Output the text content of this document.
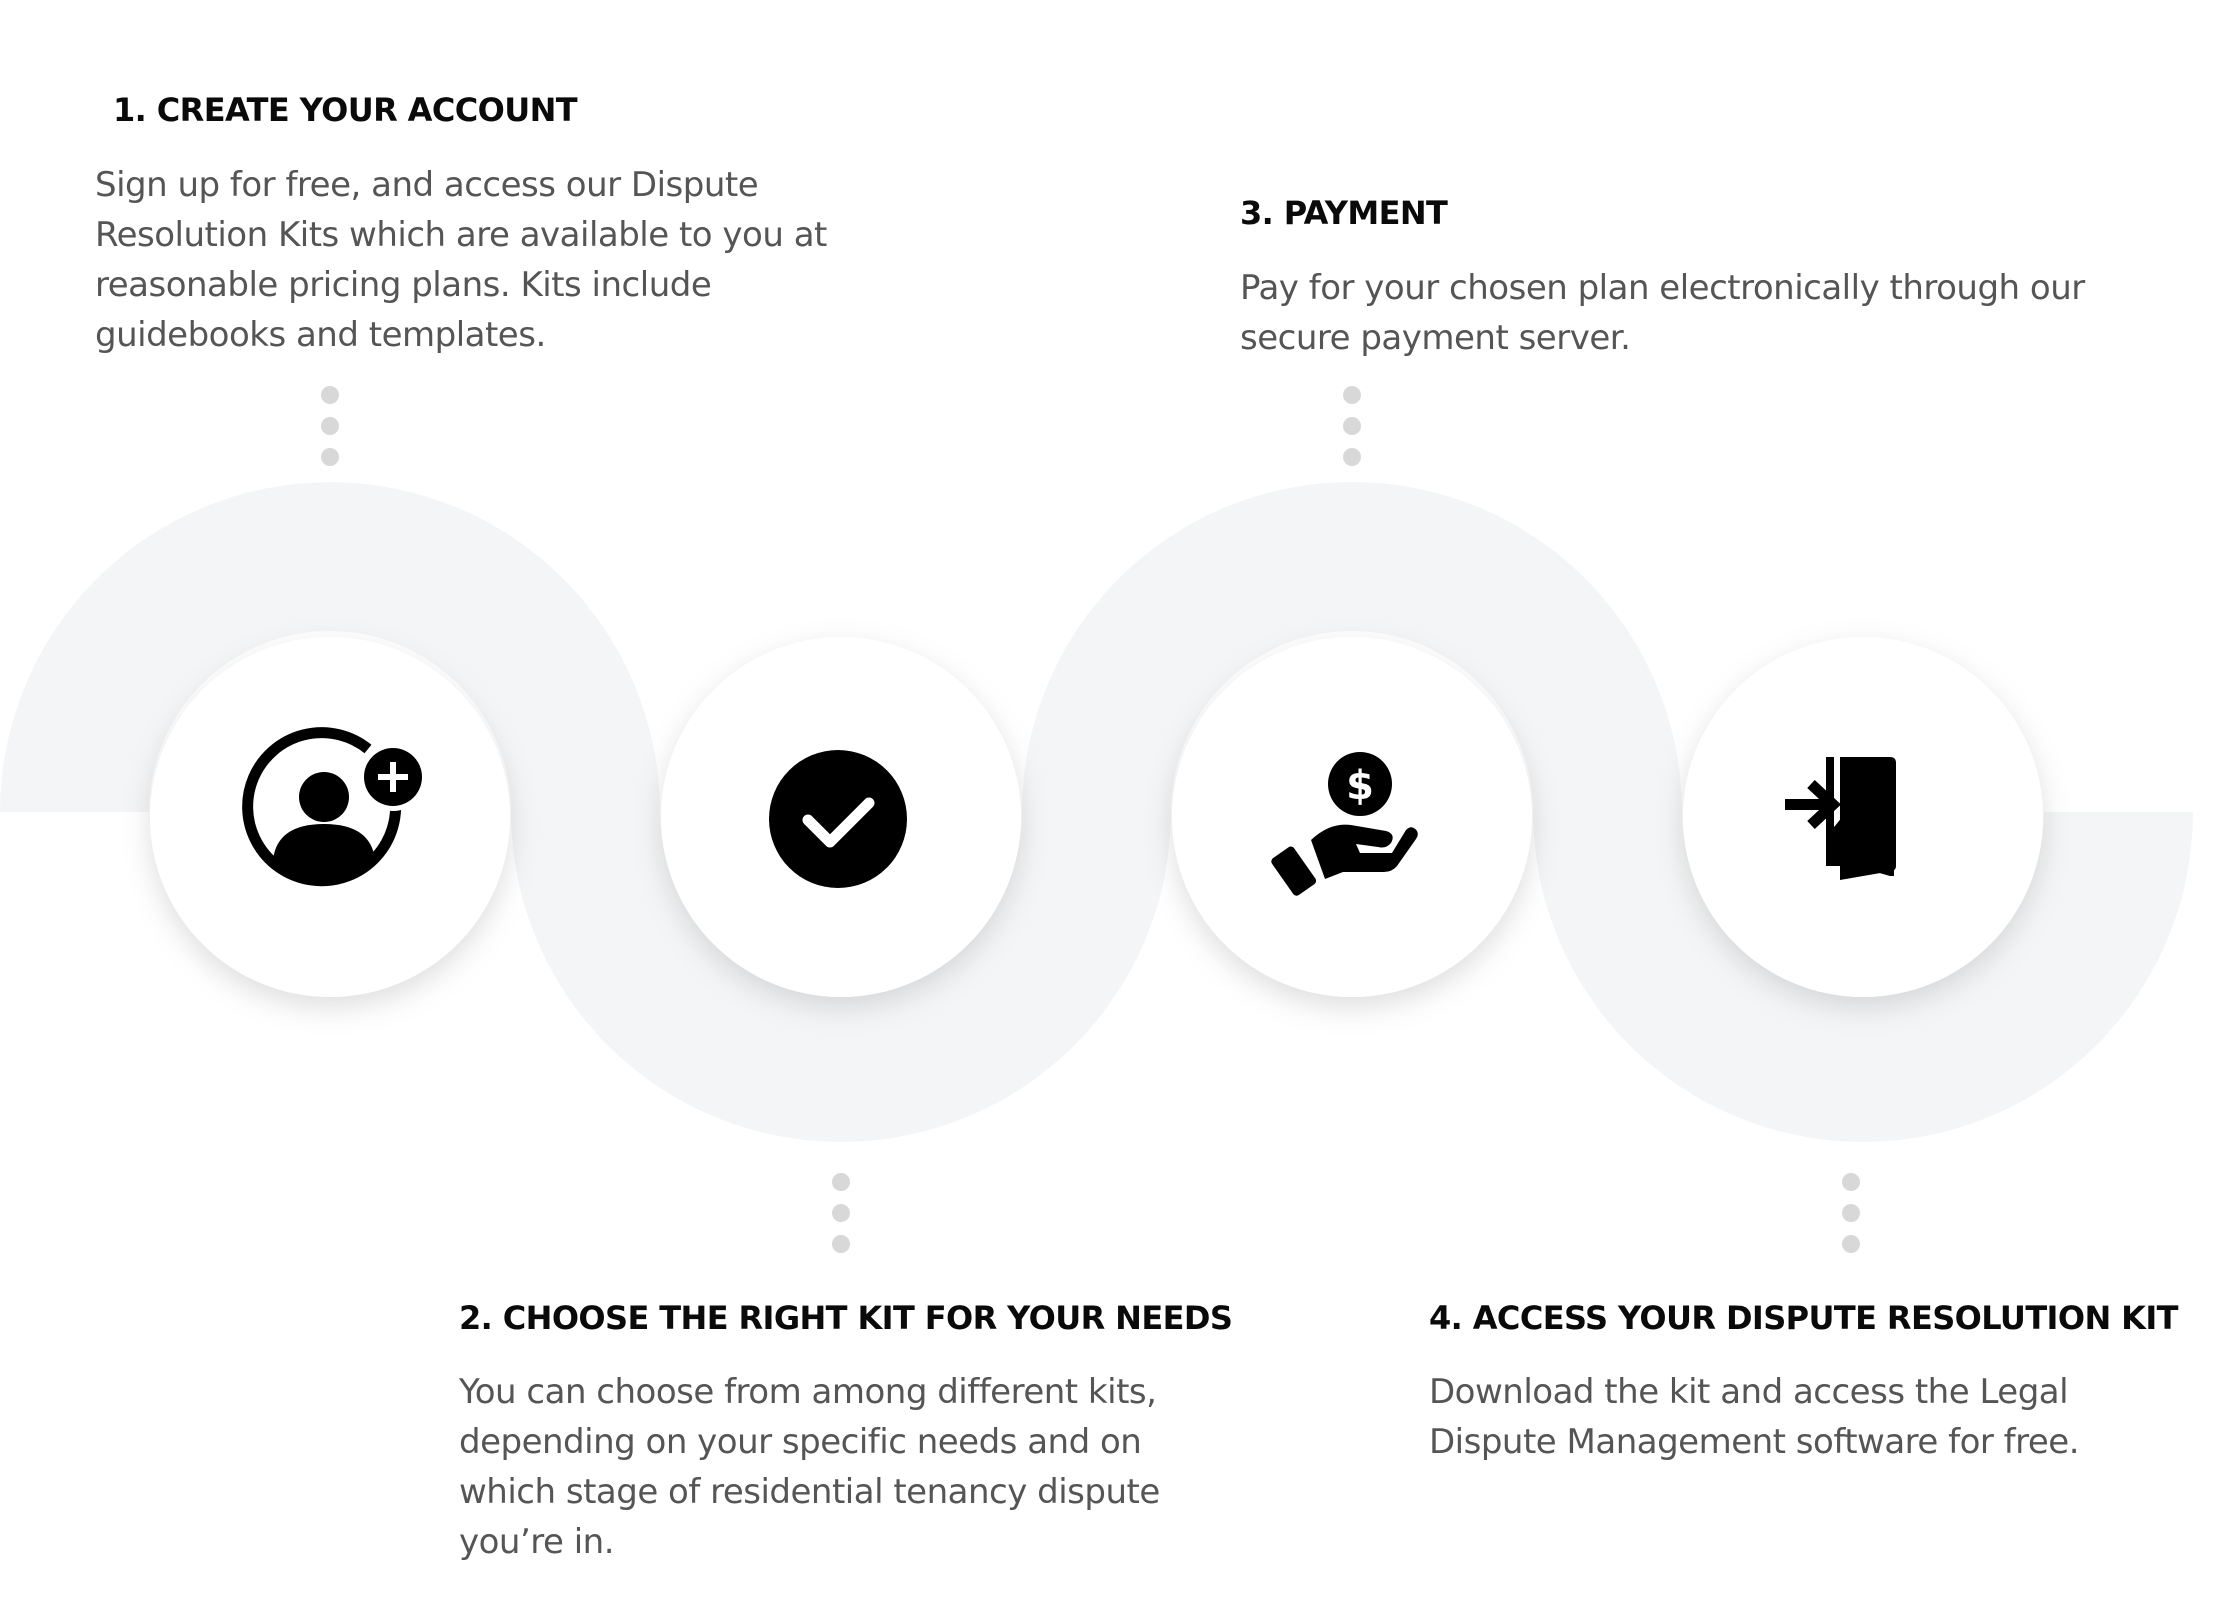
$
1. CREATE YOUR ACCOUNT

Sign up for free, and access our Dispute Resolution Kits which are available to you at reasonable pricing plans. Kits include guidebooks and templates.

3. PAYMENT

Pay for your chosen plan electronically through our secure payment server.

2. CHOOSE THE RIGHT KIT FOR YOUR NEEDS

You can choose from among different kits, depending on your specific needs and on which stage of residential tenancy dispute you’re in.

4. ACCESS YOUR DISPUTE RESOLUTION KIT

Download the kit and access the Legal Dispute Management software for free.
